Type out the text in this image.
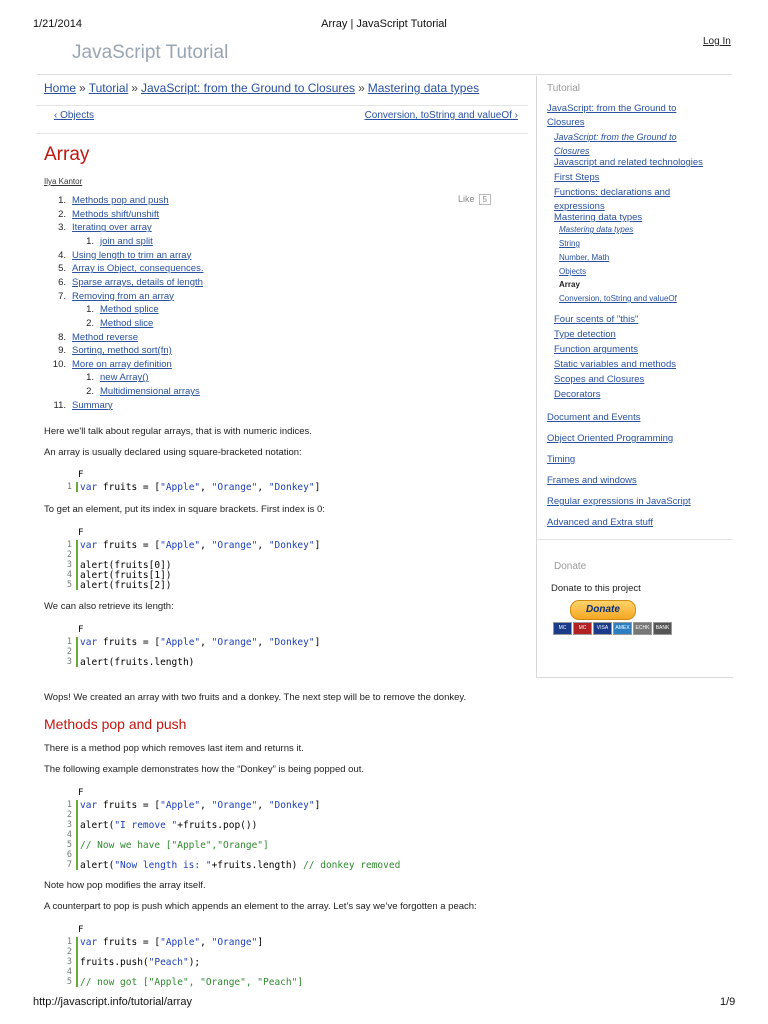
1/21/2014	Array | JavaScript Tutorial
JavaScript Tutorial
Log In
Home » Tutorial » JavaScript: from the Ground to Closures » Mastering data types
‹ Objects	Conversion, toString and valueOf ›
Array
Ilya Kantor
Like 5
1. Methods pop and push
2. Methods shift/unshift
3. Iterating over array
1. join and split
4. Using length to trim an array
5. Array is Object, consequences.
6. Sparse arrays, details of length
7. Removing from an array
1. Method splice
2. Method slice
8. Method reverse
9. Sorting, method sort(fn)
10. More on array definition
1. new Array()
2. Multidimensional arrays
11. Summary
Here we'll talk about regular arrays, that is with numeric indices.
An array is usually declared using square-bracketed notation:
F
1 var fruits = ["Apple", "Orange", "Donkey"]
To get an element, put its index in square brackets. First index is 0:
F
1 var fruits = ["Apple", "Orange", "Donkey"]
2
3 alert(fruits[0])
4 alert(fruits[1])
5 alert(fruits[2])
We can also retrieve its length:
F
1 var fruits = ["Apple", "Orange", "Donkey"]
2
3 alert(fruits.length)
Wops! We created an array with two fruits and a donkey. The next step will be to remove the donkey.
Methods pop and push
There is a method pop which removes last item and returns it.
The following example demonstrates how the “Donkey” is being popped out.
F
1 var fruits = ["Apple", "Orange", "Donkey"]
2
3 alert("I remove "+fruits.pop())
4
5 // Now we have ["Apple","Orange"]
6
7 alert("Now length is: "+fruits.length) // donkey removed
Note how pop modifies the array itself.
A counterpart to pop is push which appends an element to the array. Let’s say we’ve forgotten a peach:
F
1 var fruits = ["Apple", "Orange"]
2
3 fruits.push("Peach");
4
5 // now got ["Apple", "Orange", "Peach"]
Tutorial
JavaScript: from the Ground to Closures
JavaScript: from the Ground to Closures
Javascript and related technologies
First Steps
Functions: declarations and expressions
Mastering data types
Mastering data types
String
Number, Math
Objects
Array
Conversion, toString and valueOf
Four scents of "this"
Type detection
Function arguments
Static variables and methods
Scopes and Closures
Decorators
Document and Events
Object Oriented Programming
Timing
Frames and windows
Regular expressions in JavaScript
Advanced and Extra stuff
Donate
Donate to this project
Donate
MC MC VISA AMEX ECHK BANK
http://javascript.info/tutorial/array	1/9
